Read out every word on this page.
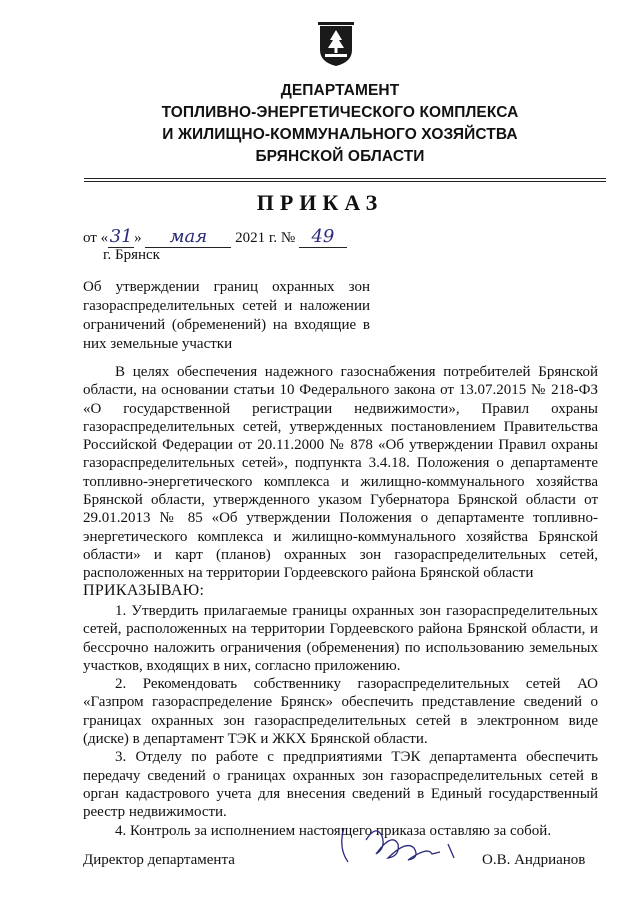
ДЕПАРТАМЕНТ
ТОПЛИВНО-ЭНЕРГЕТИЧЕСКОГО КОМПЛЕКСА
И ЖИЛИЩНО-КОММУНАЛЬНОГО ХОЗЯЙСТВА
БРЯНСКОЙ ОБЛАСТИ
ПРИКАЗ
от «31 » мая 2021 г. № 49
г. Брянск
Об утверждении границ охранных зон газораспределительных сетей и наложении ограничений (обременений) на входящие в них земельные участки

В целях обеспечения надежного газоснабжения потребителей Брянской области, на основании статьи 10 Федерального закона от 13.07.2015 № 218-ФЗ «О государственной регистрации недвижимости», Правил охраны газораспределительных сетей, утвержденных постановлением Правительства Российской Федерации от 20.11.2000 № 878 «Об утверждении Правил охраны газораспределительных сетей», подпункта 3.4.18. Положения о департаменте топливно-энергетического комплекса и жилищно-коммунального хозяйства Брянской области, утвержденного указом Губернатора Брянской области от 29.01.2013 № 85 «Об утверждении Положения о департаменте топливно-энергетического комплекса и жилищно-коммунального хозяйства Брянской области» и карт (планов) охранных зон газораспределительных сетей, расположенных на территории Гордеевского района Брянской области

ПРИКАЗЫВАЮ:

1. Утвердить прилагаемые границы охранных зон газораспределительных сетей, расположенных на территории Гордеевского района Брянской области, и бессрочно наложить ограничения (обременения) по использованию земельных участков, входящих в них, согласно приложению.

2. Рекомендовать собственнику газораспределительных сетей АО «Газпром газораспределение Брянск» обеспечить представление сведений о границах охранных зон газораспределительных сетей в электронном виде (диске) в департамент ТЭК и ЖКХ Брянской области.

3. Отделу по работе с предприятиями ТЭК департамента обеспечить передачу сведений о границах охранных зон газораспределительных сетей в орган кадастрового учета для внесения сведений в Единый государственный реестр недвижимости.

4. Контроль за исполнением настоящего приказа оставляю за собой.

Директор департамента	О.В. Андрианов
